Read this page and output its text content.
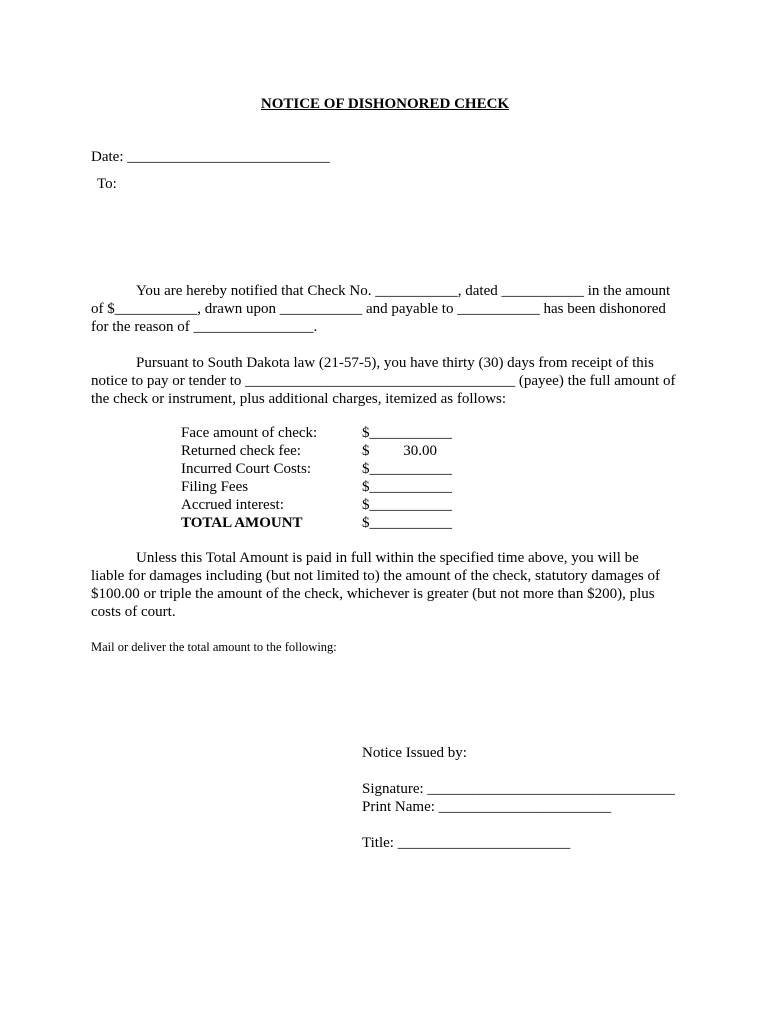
NOTICE OF DISHONORED CHECK
Date: ___________________________
To:
You are hereby notified that Check No. ___________, dated ___________ in the amount
of $___________, drawn upon ___________ and payable to ___________ has been dishonored
for the reason of ________________.
Pursuant to South Dakota law (21-57-5), you have thirty (30) days from receipt of this
notice to pay or tender to ____________________________________ (payee) the full amount of
the check or instrument, plus additional charges, itemized as follows:
Face amount of check:	$___________
Returned check fee:	$         30.00
Incurred Court Costs:	$___________
Filing Fees	$___________
Accrued interest:	$___________
TOTAL AMOUNT	$___________
Unless this Total Amount is paid in full within the specified time above, you will be
liable for damages including (but not limited to) the amount of the check, statutory damages of
$100.00 or triple the amount of the check, whichever is greater (but not more than $200), plus
costs of court.
Mail or deliver the total amount to the following:
Notice Issued by:
Signature: _________________________________
Print Name: _______________________
Title: _______________________
